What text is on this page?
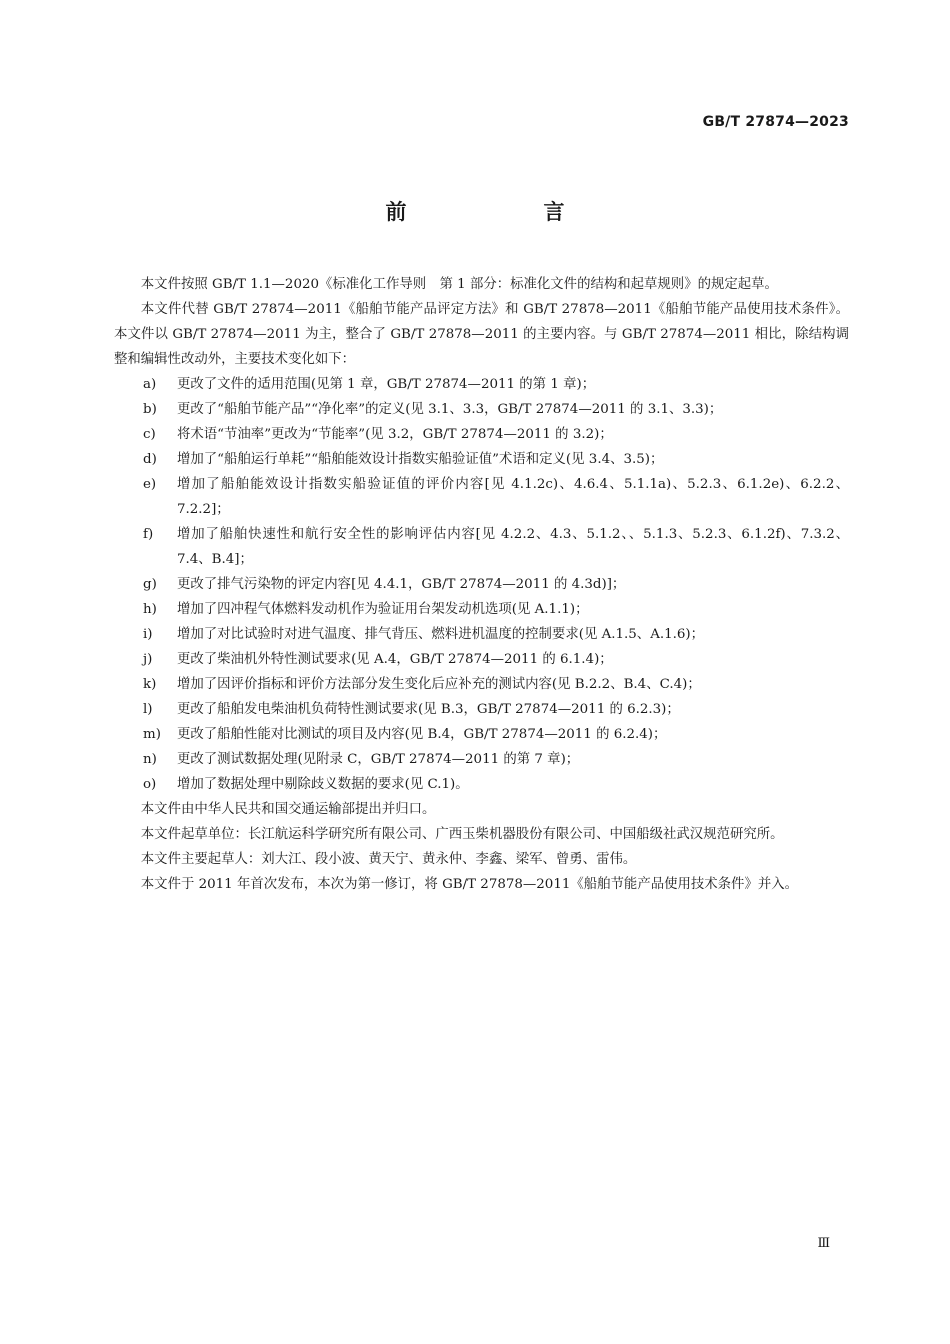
GB/T 27874—2023
前　言

本文件按照 GB/T 1.1—2020《标准化工作导则　第 1 部分：标准化文件的结构和起草规则》的规定起草。

本文件代替 GB/T 27874—2011《船舶节能产品评定方法》和 GB/T 27878—2011《船舶节能产品使用技术条件》。本文件以 GB/T 27874—2011 为主，整合了 GB/T 27878—2011 的主要内容。与 GB/T 27874—2011 相比，除结构调整和编辑性改动外，主要技术变化如下：

a)	更改了文件的适用范围(见第 1 章，GB/T 27874—2011 的第 1 章)；
b)	更改了“船舶节能产品”“净化率”的定义(见 3.1、3.3，GB/T 27874—2011 的 3.1、3.3)；
c)	将术语“节油率”更改为“节能率”(见 3.2，GB/T 27874—2011 的 3.2)；
d)	增加了“船舶运行单耗”“船舶能效设计指数实船验证值”术语和定义(见 3.4、3.5)；
e)	增加了船舶能效设计指数实船验证值的评价内容[见 4.1.2c)、4.6.4、5.1.1a)、5.2.3、6.1.2e)、6.2.2、7.2.2]；
f)	增加了船舶快速性和航行安全性的影响评估内容[见 4.2.2、4.3、5.1.2、、5.1.3、5.2.3、6.1.2f)、7.3.2、7.4、B.4]；
g)	更改了排气污染物的评定内容[见 4.4.1，GB/T 27874—2011 的 4.3d)]；
h)	增加了四冲程气体燃料发动机作为验证用台架发动机选项(见 A.1.1)；
i)	增加了对比试验时对进气温度、排气背压、燃料进机温度的控制要求(见 A.1.5、A.1.6)；
j)	更改了柴油机外特性测试要求(见 A.4，GB/T 27874—2011 的 6.1.4)；
k)	增加了因评价指标和评价方法部分发生变化后应补充的测试内容(见 B.2.2、B.4、C.4)；
l)	更改了船舶发电柴油机负荷特性测试要求(见 B.3，GB/T 27874—2011 的 6.2.3)；
m)	更改了船舶性能对比测试的项目及内容(见 B.4，GB/T 27874—2011 的 6.2.4)；
n)	更改了测试数据处理(见附录 C，GB/T 27874—2011 的第 7 章)；
o)	增加了数据处理中剔除歧义数据的要求(见 C.1)。

本文件由中华人民共和国交通运输部提出并归口。

本文件起草单位：长江航运科学研究所有限公司、广西玉柴机器股份有限公司、中国船级社武汉规范研究所。

本文件主要起草人：刘大江、段小波、黄天宁、黄永仲、李鑫、梁军、曾勇、雷伟。

本文件于 2011 年首次发布，本次为第一修订，将 GB/T 27878—2011《船舶节能产品使用技术条件》并入。

Ⅲ
